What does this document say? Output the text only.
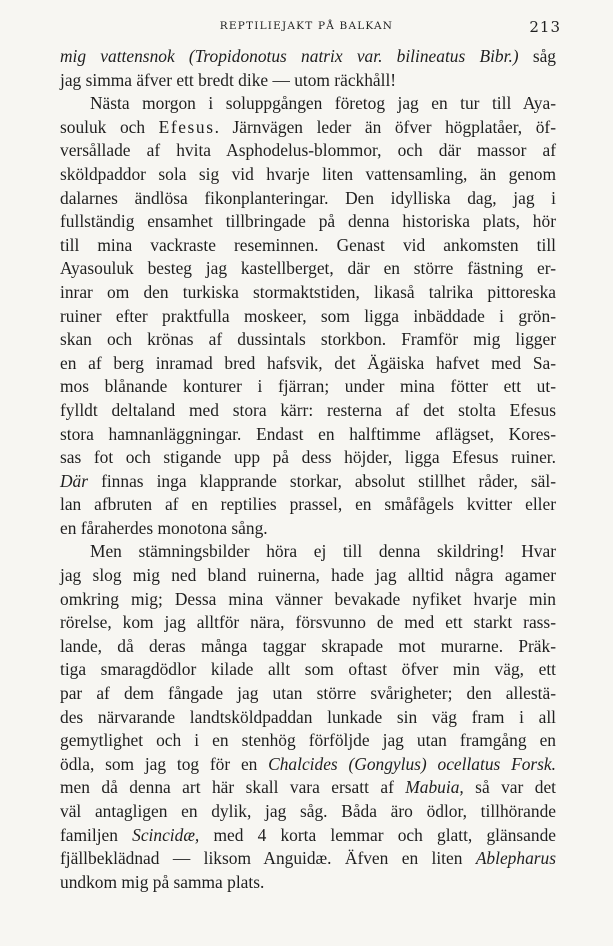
REPTILIEJAKT PÅ BALKAN	213
mig vattensnok (Tropidonotus natrix var. bilineatus Bibr.) såg
jag simma äfver ett bredt dike — utom räckhåll!
Nästa morgon i soluppgången företog jag en tur till Aya-
souluk och Efesus. Järnvägen leder än öfver högplatåer, öf-
versållade af hvita Asphodelus-blommor, och där massor af
sköldpaddor sola sig vid hvarje liten vattensamling, än genom
dalarnes ändlösa fikonplanteringar. Den idylliska dag, jag i
fullständig ensamhet tillbringade på denna historiska plats, hör
till mina vackraste reseminnen. Genast vid ankomsten till
Ayasouluk besteg jag kastellberget, där en större fästning er-
inrar om den turkiska stormaktstiden, likaså talrika pittoreska
ruiner efter praktfulla moskeer, som ligga inbäddade i grön-
skan och krönas af dussintals storkbon. Framför mig ligger
en af berg inramad bred hafsvik, det Ägäiska hafvet med Sa-
mos blånande konturer i fjärran; under mina fötter ett ut-
fylldt deltaland med stora kärr: resterna af det stolta Efesus
stora hamnanläggningar. Endast en halftimme aflägset, Kores-
sas fot och stigande upp på dess höjder, ligga Efesus ruiner.
Där finnas inga klapprande storkar, absolut stillhet råder, säl-
lan afbruten af en reptilies prassel, en småfågels kvitter eller
en fåraherdes monotona sång.
Men stämningsbilder höra ej till denna skildring! Hvar
jag slog mig ned bland ruinerna, hade jag alltid några agamer
omkring mig; Dessa mina vänner bevakade nyfiket hvarje min
rörelse, kom jag alltför nära, försvunno de med ett starkt rass-
lande, då deras många taggar skrapade mot murarne. Präk-
tiga smaragdödlor kilade allt som oftast öfver min väg, ett
par af dem fångade jag utan större svårigheter; den allestä-
des närvarande landtsköldpaddan lunkade sin väg fram i all
gemytlighet och i en stenhög förföljde jag utan framgång en
ödla, som jag tog för en Chalcides (Gongylus) ocellatus Forsk.
men då denna art här skall vara ersatt af Mabuia, så var det
väl antagligen en dylik, jag såg. Båda äro ödlor, tillhörande
familjen Scincidæ, med 4 korta lemmar och glatt, glänsande
fjällbeklädnad — liksom Anguidæ. Äfven en liten Ablepharus
undkom mig på samma plats.
